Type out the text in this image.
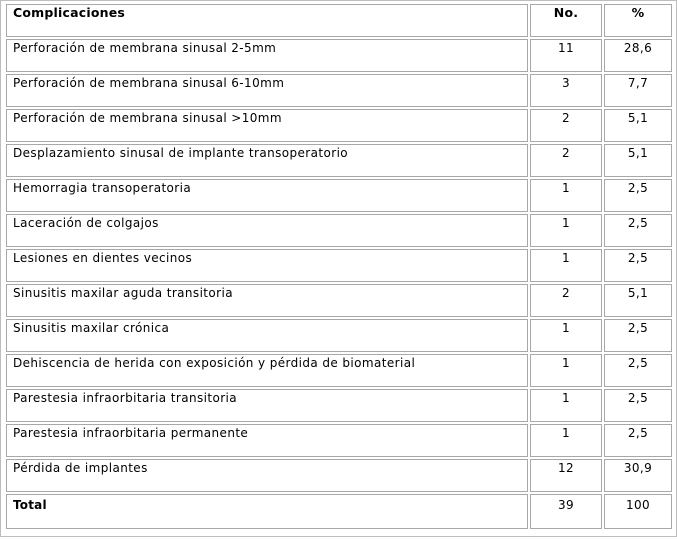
Complicaciones	No.	%
Perforación de membrana sinusal 2-5mm	11	28,6
Perforación de membrana sinusal 6-10mm	3	7,7
Perforación de membrana sinusal >10mm	2	5,1
Desplazamiento sinusal de implante transoperatorio	2	5,1
Hemorragia transoperatoria	1	2,5
Laceración de colgajos	1	2,5
Lesiones en dientes vecinos	1	2,5
Sinusitis maxilar aguda transitoria	2	5,1
Sinusitis maxilar crónica	1	2,5
Dehiscencia de herida con exposición y pérdida de biomaterial	1	2,5
Parestesia infraorbitaria transitoria	1	2,5
Parestesia infraorbitaria permanente	1	2,5
Pérdida de implantes	12	30,9
Total	39	100
